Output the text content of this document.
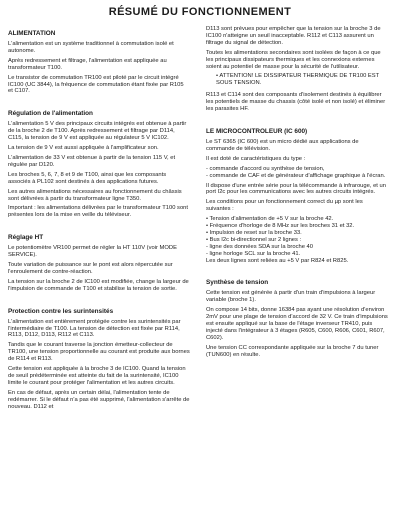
RÉSUMÉ DU FONCTIONNEMENT
ALIMENTATION

L'alimentation est un système traditionnel à commutation isolé et autonome.

Après redressement et filtrage, l'alimentation est appliquée au transformateur T100.

Le transistor de commutation TR100 est piloté par le circuit intégré IC100 (UC 3844), la fréquence de commutation étant fixée par R105 et C107.

Régulation de l'alimentation

L'alimentation 5 V des principaux circuits intégrés est obtenue à partir de la broche 2 de T100. Après redressement et filtrage par D114, C115, la tension de 9 V est appliquée au régulateur 5 V IC102.

La tension de 9 V est aussi appliquée à l'amplificateur son.

L'alimentation de 33 V est obtenue à partir de la tension 115 V, et régulée par D120.

Les broches 5, 6, 7, 8 et 9 de T100, ainsi que les composants associés à PL102 sont destinés à des applications futures.

Les autres alimentations nécessaires au fonctionnement du châssis sont délivrées à partir du transformateur ligne T350.

Important : les alimentations délivrées par le transformateur T100 sont présentes lors de la mise en veille du téléviseur.

Réglage HT

Le potentiomètre VR100 permet de régler la HT 110V (voir MODE SERVICE).

Toute variation de puissance sur le pont est alors répercutée sur l'enroulement de contre-réaction.

La tension sur la broche 2 de IC100 est modifiée, change la largeur de l'impulsion de commande de T100 et stabilise la tension de sortie.

Protection contre les surintensités

L'alimentation est entièrement protégée contre les surintensités par l'intermédiaire de T100. La tension de détection est fixée par R114, R113, D112, D113, R112 et C113.

Tandis que le courant traverse la jonction émetteur-collecteur de TR100, une tension proportionnelle au courant est produite aux bornes de R114 et R113.

Cette tension est appliquée à la broche 3 de IC100. Quand la tension de seuil prédéterminée est atteinte du fait de la surintensité, IC100 limite le courant pour protéger l'alimentation et les autres circuits.

En cas de défaut, après un certain délai, l'alimentation tente de redémarrer. Si le défaut n'a pas été supprimé, l'alimentation s'arrête de nouveau. D112 et

D113 sont prévues pour empêcher que la tension sur la broche 3 de IC100 n'atteigne un seuil inacceptable. R112 et C113 assurent un filtrage du signal de détection.

Toutes les alimentations secondaires sont isolées de façon à ce que les principaux dissipateurs thermiques et les connexions externes soient au potentiel de masse pour la sécurité de l'utilisateur.

• ATTENTION! LE DISSIPATEUR THERMIQUE DE TR100 EST SOUS TENSION.

R113 et C114 sont des composants d'isolement destinés à équilibrer les potentiels de masse du chassis (côté isolé et non isolé) et éliminer les parasites HF.

LE MICROCONTROLEUR (IC 600)

Le ST 6365 (IC 600) est un micro dédié aux applications de commande de télévision.

Il est doté de caractéristiques du type :

- commande d'accord ou synthèse de tension,
- commande de CAF et de générateur d'affichage graphique à l'écran.

Il dispose d'une entrée série pour la télécommande à infrarouge, et un port I2c pour les communications avec les autres circuits intégrés.

Les conditions pour un fonctionnement correct du µp sont les suivantes :

• Tension d'alimentation de +5 V sur la broche 42.
• Fréquence d'horloge de 8 MHz sur les broches 31 et 32.
• Impulsion de reset sur la broche 33.
• Bus I2c bi-directionnel sur 2 lignes :
- ligne des données SDA sur la broche 40
- ligne horloge SCL sur la broche 41.
Les deux lignes sont reliées au +5 V par R824 et R825.
Synthèse de tension

Cette tension est générée à partir d'un train d'impulsions à largeur variable (broche 1).

On compose 14 bits, donne 16384 pas ayant une résolution d'environ 2mV pour une plage de tension d'accord de 32 V. Ce train d'impulsions est ensuite appliqué sur la base de l'étage inverseur TR410, puis injecté dans l'intégrateur à 3 étages (R605, C600, R606, C601, R607, C602).

Une tension CC correspondante appliquée sur la broche 7 du tuner (TUN600) en résulte.
